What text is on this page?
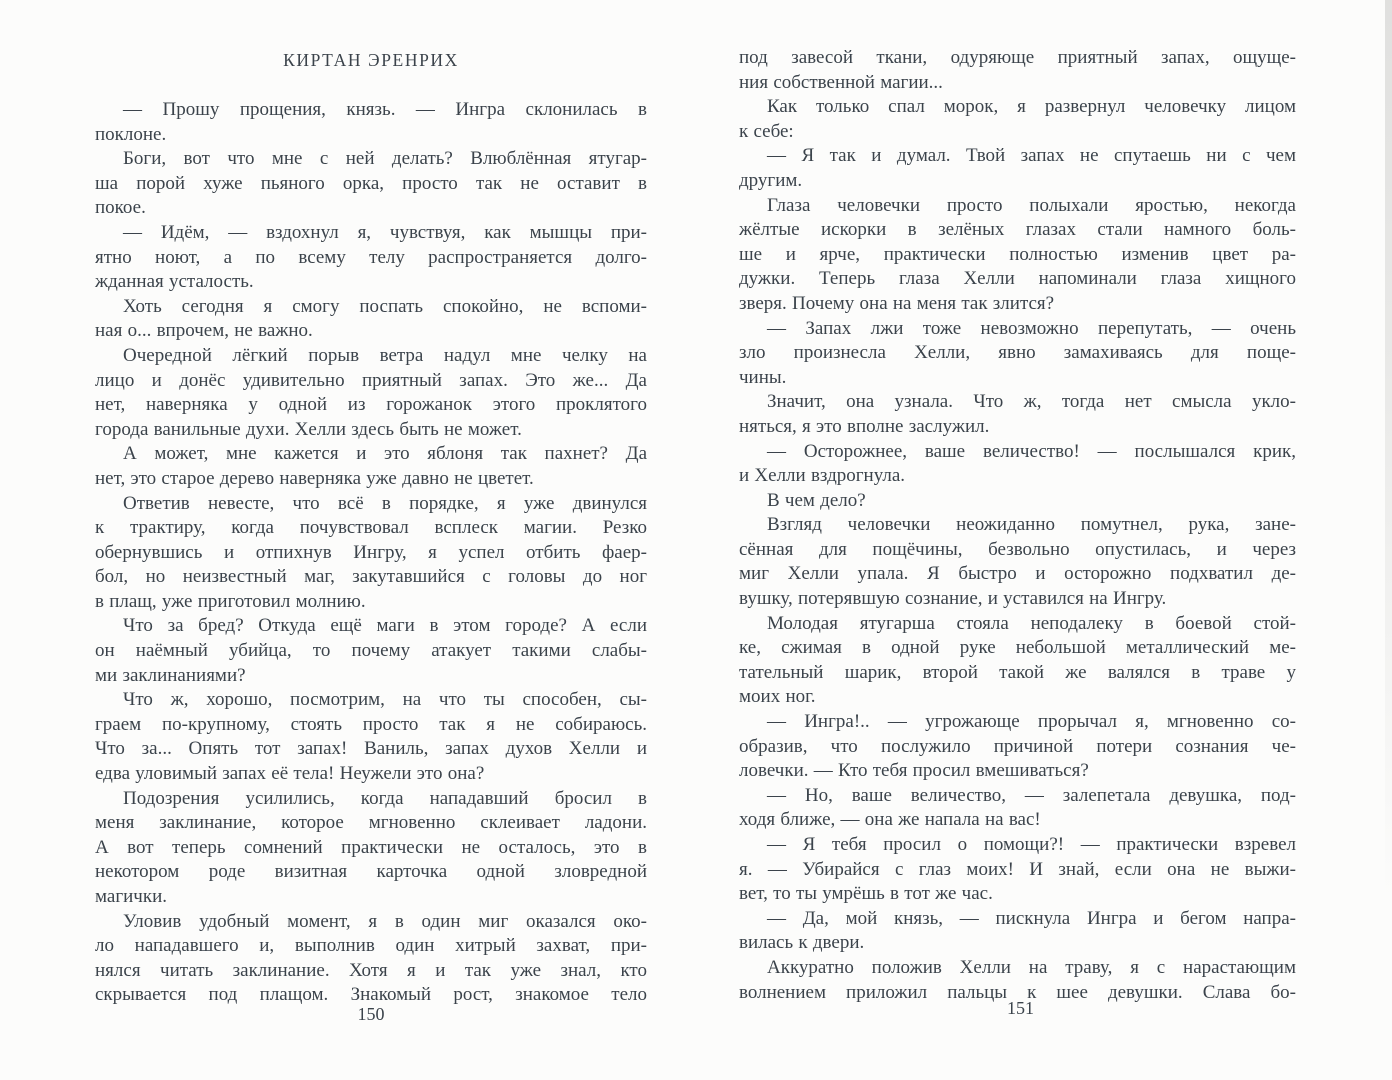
КИРТАН ЭРЕНРИХ
— Прошу прощения, князь. — Ингра склонилась в
поклоне.
Боги, вот что мне с ней делать? Влюблённая ятугар-
ша порой хуже пьяного орка, просто так не оставит в
покое.
— Идём, — вздохнул я, чувствуя, как мышцы при-
ятно ноют, а по всему телу распространяется долго-
жданная усталость.
Хоть сегодня я смогу поспать спокойно, не вспоми-
ная о... впрочем, не важно.
Очередной лёгкий порыв ветра надул мне челку на
лицо и донёс удивительно приятный запах. Это же... Да
нет, наверняка у одной из горожанок этого проклятого
города ванильные духи. Хелли здесь быть не может.
А может, мне кажется и это яблоня так пахнет? Да
нет, это старое дерево наверняка уже давно не цветет.
Ответив невесте, что всё в порядке, я уже двинулся
к трактиру, когда почувствовал всплеск магии. Резко
обернувшись и отпихнув Ингру, я успел отбить фаер-
бол, но неизвестный маг, закутавшийся с головы до ног
в плащ, уже приготовил молнию.
Что за бред? Откуда ещё маги в этом городе? А если
он наёмный убийца, то почему атакует такими слабы-
ми заклинаниями?
Что ж, хорошо, посмотрим, на что ты способен, сы-
граем по-крупному, стоять просто так я не собираюсь.
Что за... Опять тот запах! Ваниль, запах духов Хелли и
едва уловимый запах её тела! Неужели это она?
Подозрения усилились, когда нападавший бросил в
меня заклинание, которое мгновенно склеивает ладони.
А вот теперь сомнений практически не осталось, это в
некотором роде визитная карточка одной зловредной
магички.
Уловив удобный момент, я в один миг оказался око-
ло нападавшего и, выполнив один хитрый захват, при-
нялся читать заклинание. Хотя я и так уже знал, кто
скрывается под плащом. Знакомый рост, знакомое тело
под завесой ткани, одуряюще приятный запах, ощуще-
ния собственной магии...
Как только спал морок, я развернул человечку лицом
к себе:
— Я так и думал. Твой запах не спутаешь ни с чем
другим.
Глаза человечки просто полыхали яростью, некогда
жёлтые искорки в зелёных глазах стали намного боль-
ше и ярче, практически полностью изменив цвет ра-
дужки. Теперь глаза Хелли напоминали глаза хищного
зверя. Почему она на меня так злится?
— Запах лжи тоже невозможно перепутать, — очень
зло произнесла Хелли, явно замахиваясь для поще-
чины.
Значит, она узнала. Что ж, тогда нет смысла укло-
няться, я это вполне заслужил.
— Осторожнее, ваше величество! — послышался крик,
и Хелли вздрогнула.
В чем дело?
Взгляд человечки неожиданно помутнел, рука, зане-
сённая для пощёчины, безвольно опустилась, и через
миг Хелли упала. Я быстро и осторожно подхватил де-
вушку, потерявшую сознание, и уставился на Ингру.
Молодая ятугарша стояла неподалеку в боевой стой-
ке, сжимая в одной руке небольшой металлический ме-
тательный шарик, второй такой же валялся в траве у
моих ног.
— Ингра!.. — угрожающе прорычал я, мгновенно со-
образив, что послужило причиной потери сознания че-
ловечки. — Кто тебя просил вмешиваться?
— Но, ваше величество, — залепетала девушка, под-
ходя ближе, — она же напала на вас!
— Я тебя просил о помощи?! — практически взревел
я. — Убирайся с глаз моих! И знай, если она не выжи-
вет, то ты умрёшь в тот же час.
— Да, мой князь, — пискнула Ингра и бегом напра-
вилась к двери.
Аккуратно положив Хелли на траву, я с нарастающим
волнением приложил пальцы к шее девушки. Слава бо-
150	151
